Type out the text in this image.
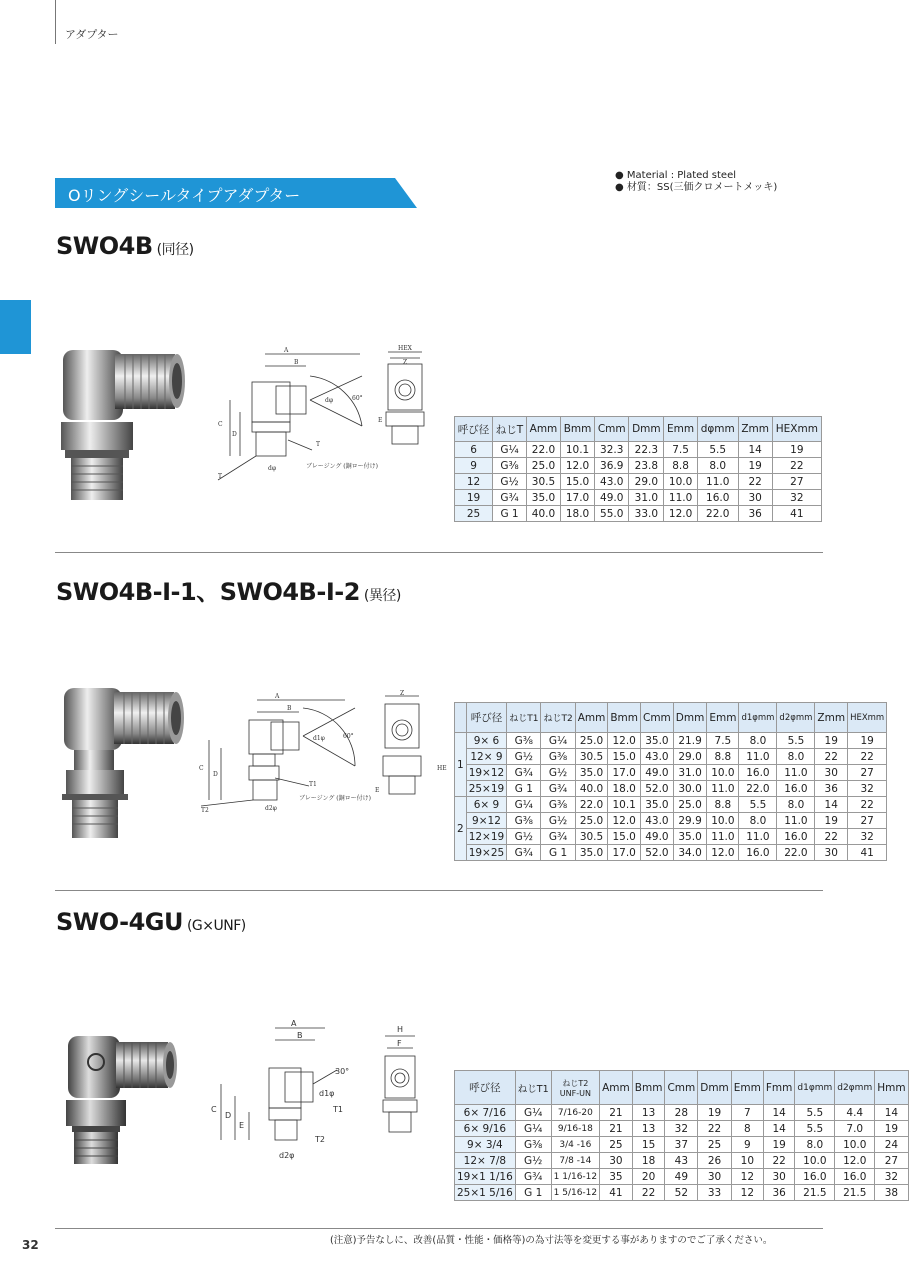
アダプター
Oリングシールタイプアダプター
● Material : Plated steel
● 材質：SS(三価クロメートメッキ)
SWO4B (同径)
A
B
C
D
dφ	60°
T
T
dφ	ブレージング (銅ロー付け)
HEX
Z
E
呼び径	ねじT	Amm	Bmm	Cmm	Dmm	Emm	dφmm	Zmm	HEXmm
6	G¼	22.0	10.1	32.3	22.3	7.5	5.5	14	19
9	G⅜	25.0	12.0	36.9	23.8	8.8	8.0	19	22
12	G½	30.5	15.0	43.0	29.0	10.0	11.0	22	27
19	G¾	35.0	17.0	49.0	31.0	11.0	16.0	30	32
25	G 1	40.0	18.0	55.0	33.0	12.0	22.0	36	41
SWO4B-Ⅰ-1、SWO4B-Ⅰ-2 (異径)
A
B
C
D
d1φ	60°
T1
T2	d2φ
ブレージング (銅ロー付け)
Z
HE
E
	呼び径	ねじT1	ねじT2	Amm	Bmm	Cmm	Dmm	Emm	d1φmm	d2φmm	Zmm	HEXmm
1	9× 6	G⅜	G¼	25.0	12.0	35.0	21.9	7.5	8.0	5.5	19	19
	12× 9	G½	G⅜	30.5	15.0	43.0	29.0	8.8	11.0	8.0	22	22
	19×12	G¾	G½	35.0	17.0	49.0	31.0	10.0	16.0	11.0	30	27
	25×19	G 1	G¾	40.0	18.0	52.0	30.0	11.0	22.0	16.0	36	32
2	6× 9	G¼	G⅜	22.0	10.1	35.0	25.0	8.8	5.5	8.0	14	22
	9×12	G⅜	G½	25.0	12.0	43.0	29.9	10.0	8.0	11.0	19	27
	12×19	G½	G¾	30.5	15.0	49.0	35.0	11.0	11.0	16.0	22	32
	19×25	G¾	G 1	35.0	17.0	52.0	34.0	12.0	16.0	22.0	30	41
SWO-4GU (G×UNF)
A
B
C
D
E
d1φ
30°
T1
T2
d2φ
H
F
呼び径	ねじT1	ねじT2 UNF-UN	Amm	Bmm	Cmm	Dmm	Emm	Fmm	d1φmm	d2φmm	Hmm
6× 7/16	G¼	7/16-20	21	13	28	19	7	14	5.5	4.4	14
6× 9/16	G¼	9/16-18	21	13	32	22	8	14	5.5	7.0	19
9× 3/4	G⅜	3/4 -16	25	15	37	25	9	19	8.0	10.0	24
12× 7/8	G½	7/8 -14	30	18	43	26	10	22	10.0	12.0	27
19×1 1/16	G¾	1 1/16-12	35	20	49	30	12	30	16.0	16.0	32
25×1 5/16	G 1	1 5/16-12	41	22	52	33	12	36	21.5	21.5	38
(注意)予告なしに、改善(品質・性能・価格等)の為寸法等を変更する事がありますのでご了承ください。
32
